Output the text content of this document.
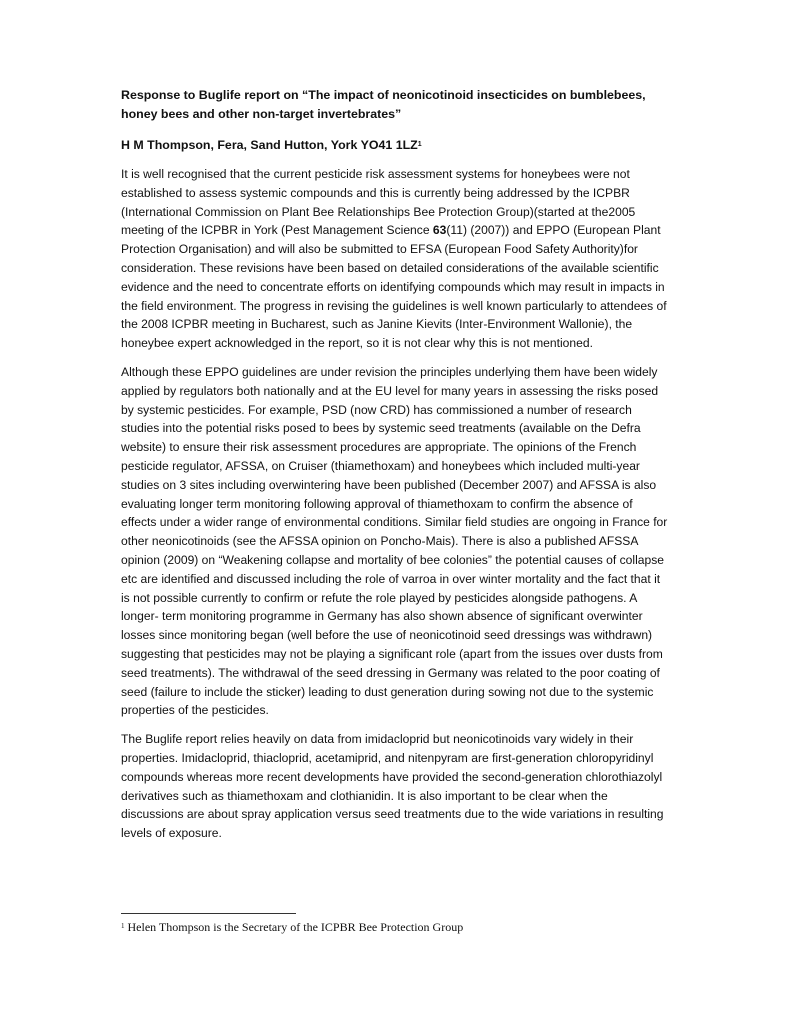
Response to Buglife report on “The impact of neonicotinoid insecticides on bumblebees, honey bees and other non-target invertebrates”

H M Thompson, Fera, Sand Hutton, York YO41 $1LZ^1$

It is well recognised that the current pesticide risk assessment systems for honeybees were not established to assess systemic compounds and this is currently being addressed by the ICPBR (International Commission on Plant Bee Relationships Bee Protection Group)(started at the2005 meeting of the ICPBR in York (Pest Management Science 63(11) (2007)) and EPPO (European Plant Protection Organisation) and will also be submitted to EFSA (European Food Safety Authority)for consideration. These revisions have been based on detailed considerations of the available scientific evidence and the need to concentrate efforts on identifying compounds which may result in impacts in the field environment. The progress in revising the guidelines is well known particularly to attendees of the 2008 ICPBR meeting in Bucharest, such as Janine Kievits (Inter-Environment Wallonie), the honeybee expert acknowledged in the report, so it is not clear why this is not mentioned.

Although these EPPO guidelines are under revision the principles underlying them have been widely applied by regulators both nationally and at the EU level for many years in assessing the risks posed by systemic pesticides. For example, PSD (now CRD) has commissioned a number of research studies into the potential risks posed to bees by systemic seed treatments (available on the Defra website) to ensure their risk assessment procedures are appropriate. The opinions of the French pesticide regulator, AFSSA, on Cruiser (thiamethoxam) and honeybees which included multi-year studies on 3 sites including overwintering have been published (December 2007) and AFSSA is also evaluating longer term monitoring following approval of thiamethoxam to confirm the absence of effects under a wider range of environmental conditions. Similar field studies are ongoing in France for other neonicotinoids (see the AFSSA opinion on Poncho-Mais). There is also a published AFSSA opinion (2009) on “Weakening collapse and mortality of bee colonies” the potential causes of collapse etc are identified and discussed including the role of varroa in over winter mortality and the fact that it is not possible currently to confirm or refute the role played by pesticides alongside pathogens. A longer- term monitoring programme in Germany has also shown absence of significant overwinter losses since monitoring began (well before the use of neonicotinoid seed dressings was withdrawn) suggesting that pesticides may not be playing a significant role (apart from the issues over dusts from seed treatments). The withdrawal of the seed dressing in Germany was related to the poor coating of seed (failure to include the sticker) leading to dust generation during sowing not due to the systemic properties of the pesticides.

The Buglife report relies heavily on data from imidacloprid but neonicotinoids vary widely in their properties. Imidacloprid, thiacloprid, acetamiprid, and nitenpyram are first-generation chloropyridinyl compounds whereas more recent developments have provided the second-generation chlorothiazolyl derivatives such as thiamethoxam and clothianidin. It is also important to be clear when the discussions are about spray application versus seed treatments due to the wide variations in resulting levels of exposure.

$^1$ Helen Thompson is the Secretary of the ICPBR Bee Protection Group
